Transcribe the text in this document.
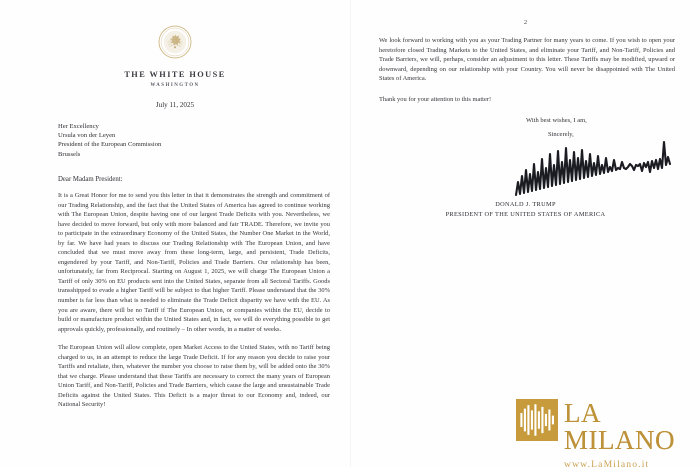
THE WHITE HOUSE
WASHINGTON
July 11, 2025
Her Excellency
Ursula von der Leyen
President of the European Commission
Brussels
Dear Madam President:

It is a Great Honor for me to send you this letter in that it demonstrates the strength and commitment of our Trading Relationship, and the fact that the United States of America has agreed to continue working with The European Union, despite having one of our largest Trade Deficits with you. Nevertheless, we have decided to move forward, but only with more balanced and fair TRADE. Therefore, we invite you to participate in the extraordinary Economy of the United States, the Number One Market in the World, by far. We have had years to discuss our Trading Relationship with The European Union, and have concluded that we must move away from these long-term, large, and persistent, Trade Deficits, engendered by your Tariff, and Non-Tariff, Policies and Trade Barriers. Our relationship has been, unfortunately, far from Reciprocal. Starting on August 1, 2025, we will charge The European Union a Tariff of only 30% on EU products sent into the United States, separate from all Sectoral Tariffs. Goods transshipped to evade a higher Tariff will be subject to that higher Tariff. Please understand that the 30% number is far less than what is needed to eliminate the Trade Deficit disparity we have with the EU. As you are aware, there will be no Tariff if The European Union, or companies within the EU, decide to build or manufacture product within the United States and, in fact, we will do everything possible to get approvals quickly, professionally, and routinely – In other words, in a matter of weeks.

The European Union will allow complete, open Market Access to the United States, with no Tariff being charged to us, in an attempt to reduce the large Trade Deficit. If for any reason you decide to raise your Tariffs and retaliate, then, whatever the number you choose to raise them by, will be added onto the 30% that we charge. Please understand that these Tariffs are necessary to correct the many years of European Union Tariff, and Non-Tariff, Policies and Trade Barriers, which cause the large and unsustainable Trade Deficits against the United States. This Deficit is a major threat to our Economy and, indeed, our National Security!

2

We look forward to working with you as your Trading Partner for many years to come. If you wish to open your heretofore closed Trading Markets to the United States, and eliminate your Tariff, and Non-Tariff, Policies and Trade Barriers, we will, perhaps, consider an adjustment to this letter. These Tariffs may be modified, upward or downward, depending on our relationship with your Country. You will never be disappointed with The United States of America.

Thank you for your attention to this matter!
With best wishes, I am,
Sincerely,
DONALD J. TRUMP
PRESIDENT OF THE UNITED STATES OF AMERICA
LA MILANO
www.LaMilano.it
